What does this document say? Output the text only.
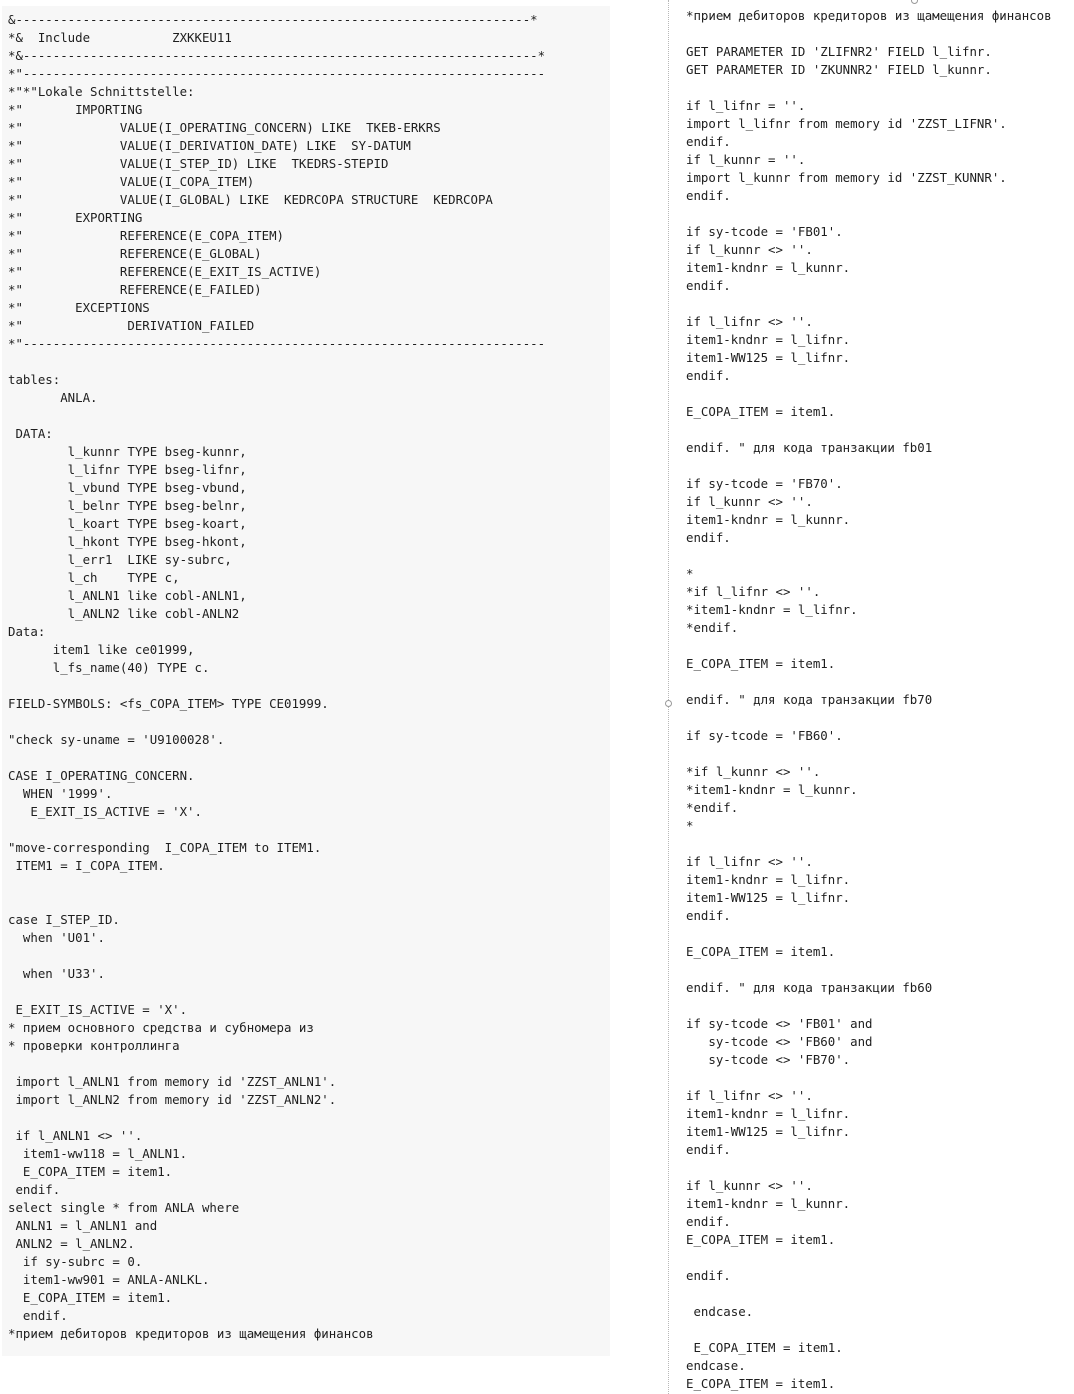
&---------------------------------------------------------------------*
*&  Include           ZXKKEU11
*&---------------------------------------------------------------------*
*"----------------------------------------------------------------------
*"*"Lokale Schnittstelle:
*"       IMPORTING
*"             VALUE(I_OPERATING_CONCERN) LIKE  TKEB-ERKRS
*"             VALUE(I_DERIVATION_DATE) LIKE  SY-DATUM
*"             VALUE(I_STEP_ID) LIKE  TKEDRS-STEPID
*"             VALUE(I_COPA_ITEM)
*"             VALUE(I_GLOBAL) LIKE  KEDRCOPA STRUCTURE  KEDRCOPA
*"       EXPORTING
*"             REFERENCE(E_COPA_ITEM)
*"             REFERENCE(E_GLOBAL)
*"             REFERENCE(E_EXIT_IS_ACTIVE)
*"             REFERENCE(E_FAILED)
*"       EXCEPTIONS
*"              DERIVATION_FAILED
*"----------------------------------------------------------------------
tables:
ANLA.
DATA:
l_kunnr TYPE bseg-kunnr,
l_lifnr TYPE bseg-lifnr,
l_vbund TYPE bseg-vbund,
l_belnr TYPE bseg-belnr,
l_koart TYPE bseg-koart,
l_hkont TYPE bseg-hkont,
l_err1  LIKE sy-subrc,
l_ch    TYPE c,
l_ANLN1 like cobl-ANLN1,
l_ANLN2 like cobl-ANLN2
Data:
item1 like ce01999,
l_fs_name(40) TYPE c.
FIELD-SYMBOLS: <fs_COPA_ITEM> TYPE CE01999.
"check sy-uname = 'U9100028'.
CASE I_OPERATING_CONCERN.
WHEN '1999'.
E_EXIT_IS_ACTIVE = 'X'.
"move-corresponding  I_COPA_ITEM to ITEM1.
ITEM1 = I_COPA_ITEM.
case I_STEP_ID.
when 'U01'.
when 'U33'.
E_EXIT_IS_ACTIVE = 'X'.
* прием основного средства и субномера из
* проверки контроллинга
import l_ANLN1 from memory id 'ZZST_ANLN1'.
import l_ANLN2 from memory id 'ZZST_ANLN2'.
if l_ANLN1 <> ''.
item1-ww118 = l_ANLN1.
E_COPA_ITEM = item1.
endif.
select single * from ANLA where
ANLN1 = l_ANLN1 and
ANLN2 = l_ANLN2.
if sy-subrc = 0.
item1-ww901 = ANLA-ANLKL.
E_COPA_ITEM = item1.
endif.
*прием дебиторов кредиторов из щамещения финансов
*прием дебиторов кредиторов из щамещения финансов
GET PARAMETER ID 'ZLIFNR2' FIELD l_lifnr.
GET PARAMETER ID 'ZKUNNR2' FIELD l_kunnr.
if l_lifnr = ''.
import l_lifnr from memory id 'ZZST_LIFNR'.
endif.
if l_kunnr = ''.
import l_kunnr from memory id 'ZZST_KUNNR'.
endif.
if sy-tcode = 'FB01'.
if l_kunnr <> ''.
item1-kndnr = l_kunnr.
endif.
if l_lifnr <> ''.
item1-kndnr = l_lifnr.
item1-WW125 = l_lifnr.
endif.
E_COPA_ITEM = item1.
endif. " для кода транзакции fb01
if sy-tcode = 'FB70'.
if l_kunnr <> ''.
item1-kndnr = l_kunnr.
endif.
*
*if l_lifnr <> ''.
*item1-kndnr = l_lifnr.
*endif.
E_COPA_ITEM = item1.
endif. " для кода транзакции fb70
if sy-tcode = 'FB60'.
*if l_kunnr <> ''.
*item1-kndnr = l_kunnr.
*endif.
*
if l_lifnr <> ''.
item1-kndnr = l_lifnr.
item1-WW125 = l_lifnr.
endif.
E_COPA_ITEM = item1.
endif. " для кода транзакции fb60
if sy-tcode <> 'FB01' and
sy-tcode <> 'FB60' and
sy-tcode <> 'FB70'.
if l_lifnr <> ''.
item1-kndnr = l_lifnr.
item1-WW125 = l_lifnr.
endif.
if l_kunnr <> ''.
item1-kndnr = l_kunnr.
endif.
E_COPA_ITEM = item1.
endif.
endcase.
E_COPA_ITEM = item1.
endcase.
E_COPA_ITEM = item1.
